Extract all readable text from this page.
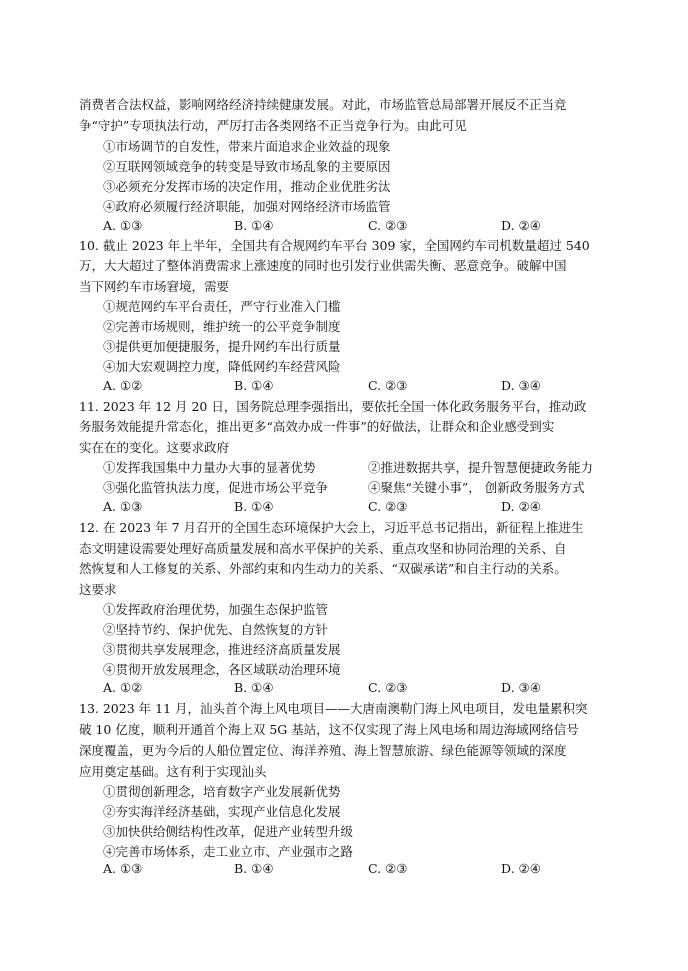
消费者合法权益，影响网络经济持续健康发展。对此，市场监管总局部署开展反不正当竞
争“守护”专项执法行动，严厉打击各类网络不正当竞争行为。由此可见
①市场调节的自发性，带来片面追求企业效益的现象
②互联网领域竞争的转变是导致市场乱象的主要原因
③必须充分发挥市场的决定作用，推动企业优胜劣汰
④政府必须履行经济职能，加强对网络经济市场监管
A. ①③	B. ①④	C. ②③	D. ②④
10. 截止 2023 年上半年，全国共有合规网约车平台 309 家，全国网约车司机数量超过 540
万，大大超过了整体消费需求上涨速度的同时也引发行业供需失衡、恶意竞争。破解中国
当下网约车市场窘境，需要
①规范网约车平台责任，严守行业准入门槛
②完善市场规则，维护统一的公平竞争制度
③提供更加便捷服务，提升网约车出行质量
④加大宏观调控力度，降低网约车经营风险
A. ①②	B. ①④	C. ②③	D. ③④
11. 2023 年 12 月 20 日，国务院总理李强指出，要依托全国一体化政务服务平台，推动政
务服务效能提升常态化，推出更多“高效办成一件事”的好做法，让群众和企业感受到实
实在在的变化。这要求政府
①发挥我国集中力量办大事的显著优势	②推进数据共享，提升智慧便捷政务能力
③强化监管执法力度，促进市场公平竞争	④聚焦“关键小事”， 创新政务服务方式
A. ①③	B. ①④	C. ②③	D. ②④
12. 在 2023 年 7 月召开的全国生态环境保护大会上，习近平总书记指出，新征程上推进生
态文明建设需要处理好高质量发展和高水平保护的关系、重点攻坚和协同治理的关系、自
然恢复和人工修复的关系、外部约束和内生动力的关系、“双碳承诺”和自主行动的关系。
这要求
①发挥政府治理优势，加强生态保护监管
②坚持节约、保护优先、自然恢复的方针
③贯彻共享发展理念，推进经济高质量发展
④贯彻开放发展理念，各区域联动治理环境
A. ①②	B. ①④	C. ②③	D. ③④
13. 2023 年 11 月，汕头首个海上风电项目——大唐南澳勒门海上风电项目，发电量累积突
破 10 亿度，顺利开通首个海上双 5G 基站，这不仅实现了海上风电场和周边海域网络信号
深度覆盖，更为今后的人船位置定位、海洋养殖、海上智慧旅游、绿色能源等领域的深度
应用奠定基础。这有利于实现汕头
①贯彻创新理念，培育数字产业发展新优势
②夯实海洋经济基础，实现产业信息化发展
③加快供给侧结构性改革，促进产业转型升级
④完善市场体系，走工业立市、产业强市之路
A. ①③	B. ①④	C. ②③	D. ②④
